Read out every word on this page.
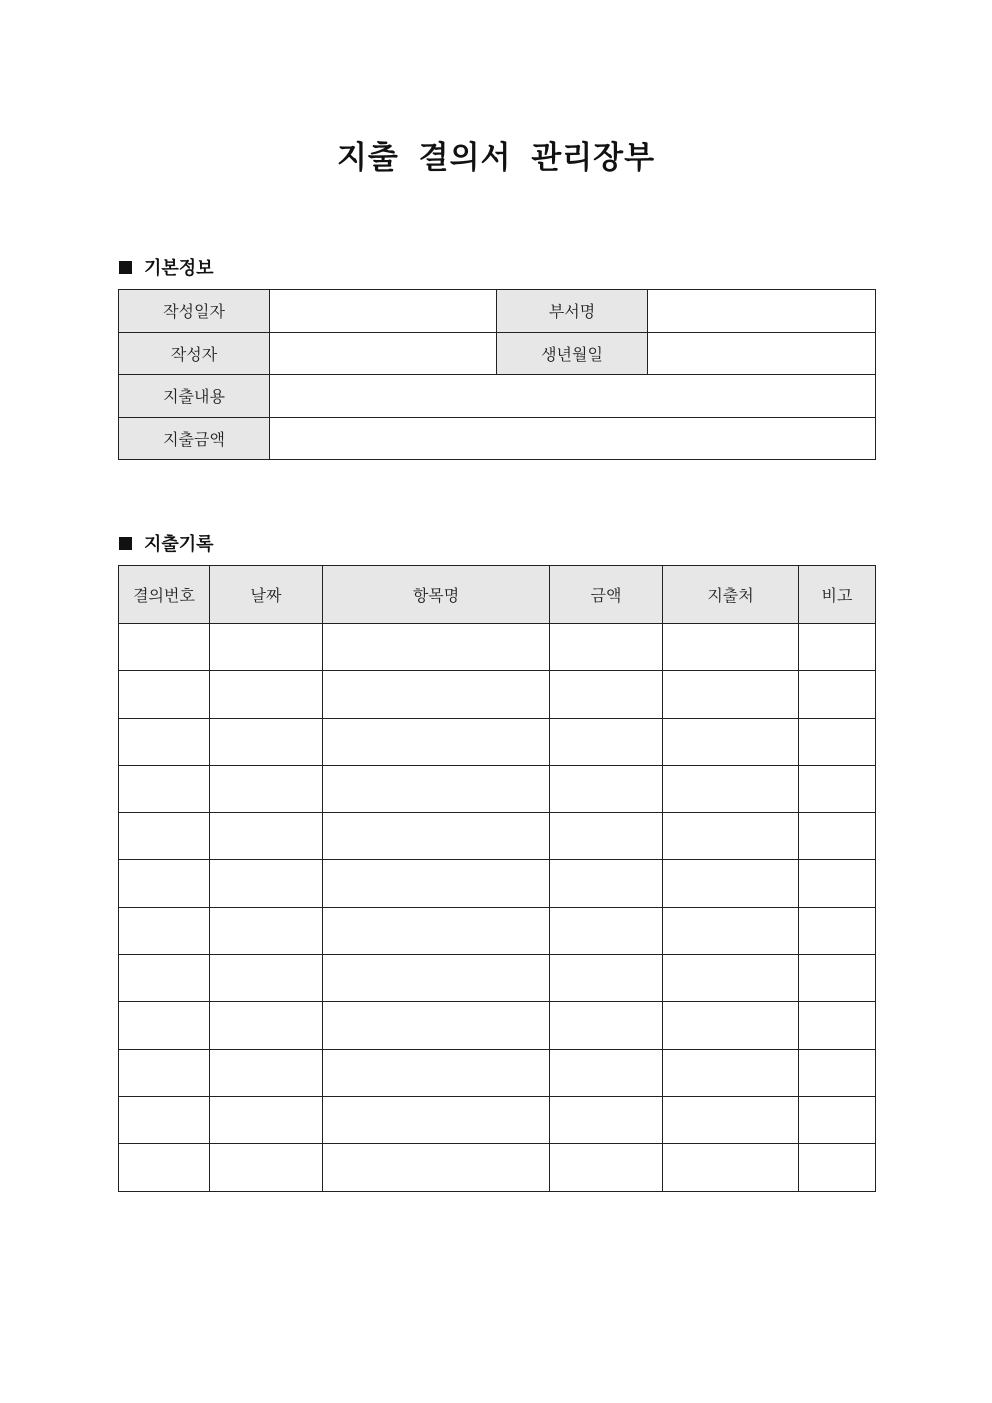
지출 결의서 관리장부
기본정보
작성일자		부서명	
작성자		생년월일	
지출내용			
지출금액			
지출기록
결의번호	날짜	항목명	금액	지출처	비고
